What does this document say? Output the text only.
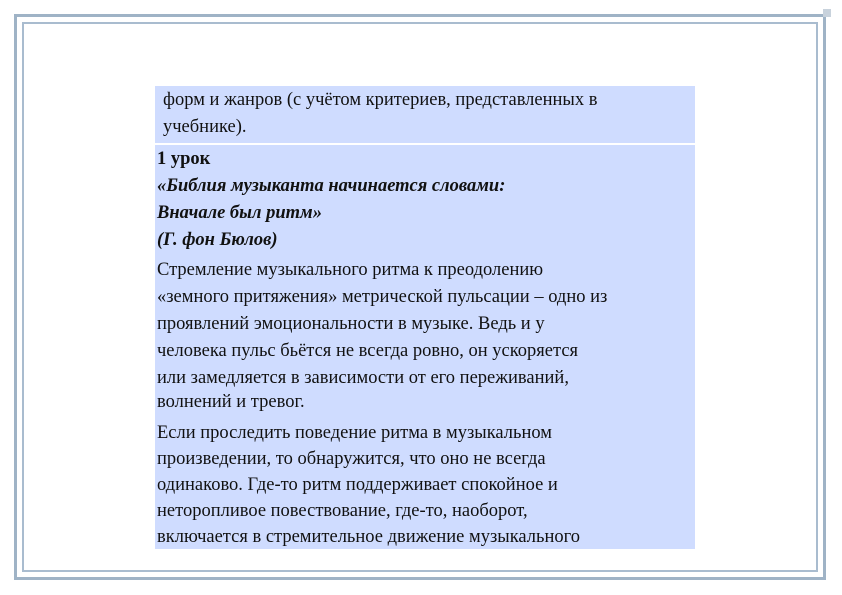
форм и жанров (с учётом критериев, представленных в
учебнике).
1 урок
«Библия музыканта начинается словами:
Вначале был ритм»
(Г. фон Бюлов)
Стремление музыкального ритма к преодолению
«земного притяжения» метрической пульсации – одно из
проявлений эмоциональности в музыке. Ведь и у
человека пульс бьётся не всегда ровно, он ускоряется
или замедляется в зависимости от его переживаний,
волнений и тревог.
Если проследить поведение ритма в музыкальном
произведении, то обнаружится, что оно не всегда
одинаково. Где-то ритм поддерживает спокойное и
неторопливое повествование, где-то, наоборот,
включается в стремительное движение музыкального
